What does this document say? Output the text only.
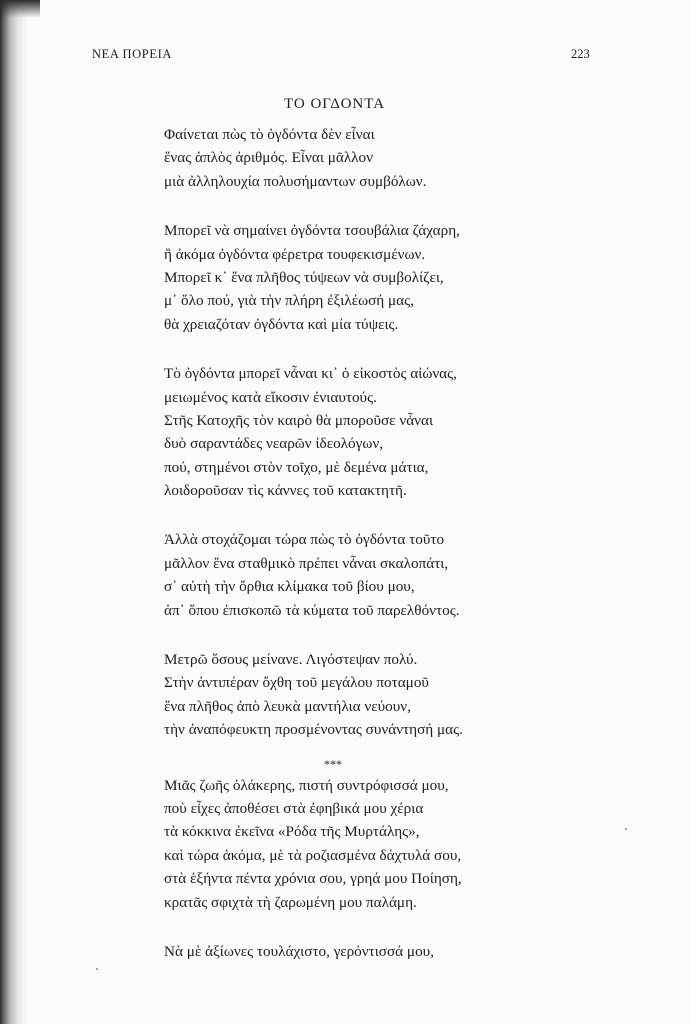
ΝΕΑ ΠΟΡΕΙΑ	223
ΤΟ ΟΓΔΟΝΤΑ
Φαίνεται πὼς τὸ ὀγδόντα δὲν εἶναι
ἕνας ἁπλὸς ἀριθμός. Εἶναι μᾶλλον
μιὰ ἀλληλουχία πολυσήμαντων συμβόλων.
Μπορεῖ νὰ σημαίνει ὀγδόντα τσουβάλια ζάχαρη,
ἢ ἀκόμα ὀγδόντα φέρετρα τουφεκισμένων.
Μπορεῖ κ᾽ ἕνα πλῆθος τύψεων νὰ συμβολίζει,
μ᾽ ὅλο πού, γιὰ τὴν πλήρη ἐξιλέωσή μας,
θὰ χρειαζόταν ὀγδόντα καὶ μία τύψεις.
Τὸ ὀγδόντα μπορεῖ νἆναι κι᾽ ὁ εἰκοστὸς αἰώνας,
μειωμένος κατὰ εἴκοσιν ἐνιαυτούς.
Στῆς Κατοχῆς τὸν καιρὸ θὰ μποροῦσε νἆναι
δυὸ σαραντάδες νεαρῶν ἰδεολόγων,
πού, στημένοι στὸν τοῖχο, μὲ δεμένα μάτια,
λοιδοροῦσαν τὶς κάννες τοῦ κατακτητῆ.
Ἀλλὰ στοχάζομαι τώρα πὼς τὸ ὀγδόντα τοῦτο
μᾶλλον ἕνα σταθμικὸ πρέπει νἆναι σκαλοπάτι,
σ᾽ αὐτὴ τὴν ὄρθια κλίμακα τοῦ βίου μου,
ἀπ᾽ ὅπου ἐπισκοπῶ τὰ κύματα τοῦ παρελθόντος.
Μετρῶ ὅσους μείνανε. Λιγόστεψαν πολύ.
Στὴν ἀντιπέραν ὄχθη τοῦ μεγάλου ποταμοῦ
ἕνα πλῆθος ἀπὸ λευκὰ μαντήλια νεύουν,
τὴν ἀναπόφευκτη προσμένοντας συνάντησή μας.
***
Μιᾶς ζωῆς ὁλάκερης, πιστή συντρόφισσά μου,
ποὺ εἶχες ἀποθέσει στὰ ἐφηβικά μου χέρια
τὰ κόκκινα ἐκεῖνα «Ρόδα τῆς Μυρτάλης»,
καὶ τώρα ἀκόμα, μὲ τὰ ροζιασμένα δάχτυλά σου,
στὰ ἑξήντα πέντα χρόνια σου, γρηά μου Ποίηση,
κρατᾶς σφιχτὰ τὴ ζαρωμένη μου παλάμη.
Νὰ μὲ ἀξίωνες τουλάχιστο, γερόντισσά μου,
